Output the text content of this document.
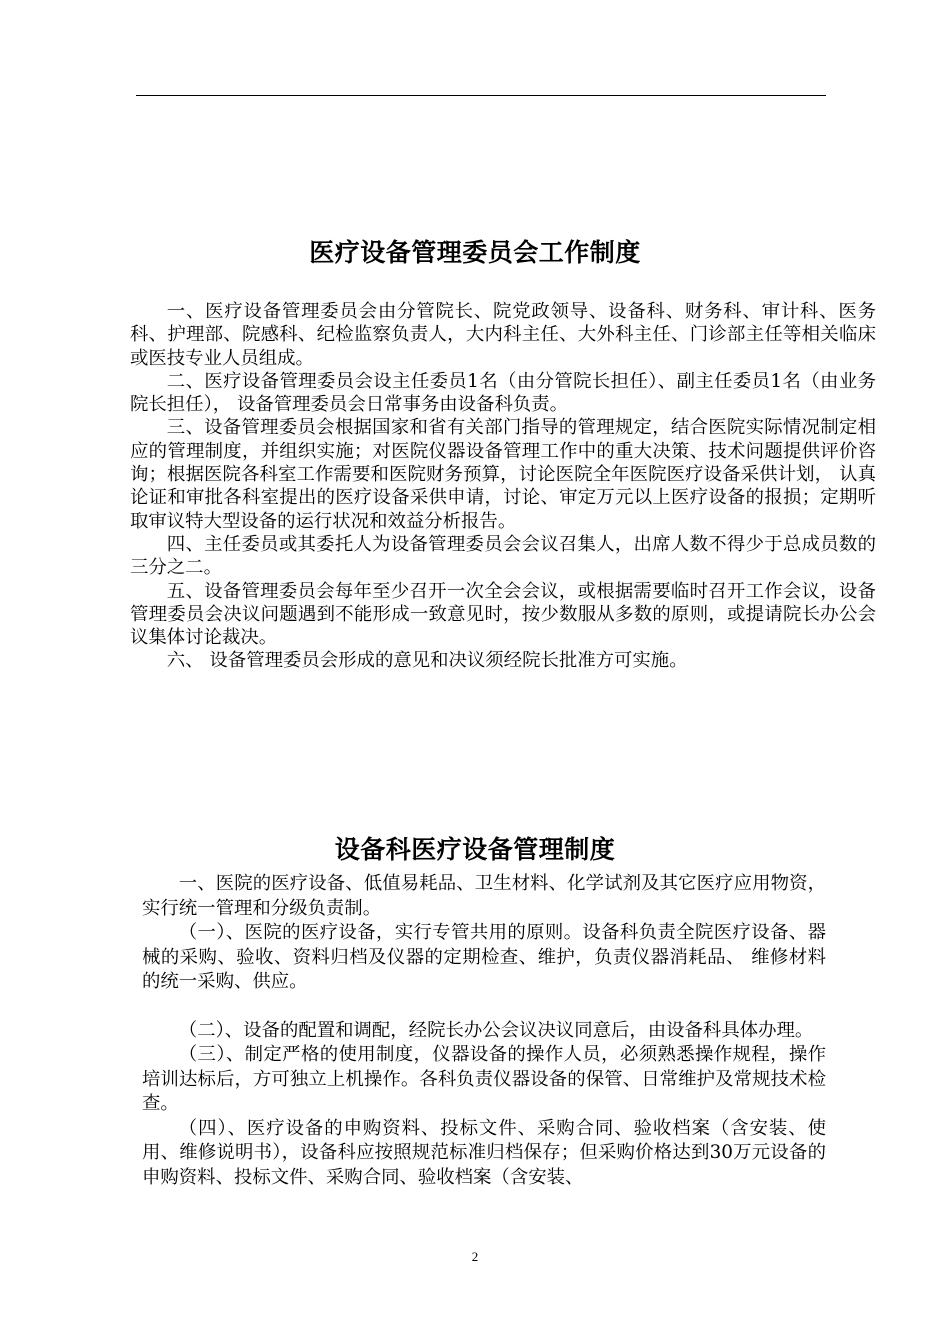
医疗设备管理委员会工作制度

一、医疗设备管理委员会由分管院长、院党政领导、设备科、财务科、审计科、医务科、护理部、院感科、纪检监察负责人，大内科主任、大外科主任、门诊部主任等相关临床或医技专业人员组成。

二、医疗设备管理委员会设主任委员1名（由分管院长担任）、副主任委员1名（由业务院长担任）， 设备管理委员会日常事务由设备科负责。

三、设备管理委员会根据国家和省有关部门指导的管理规定，结合医院实际情况制定相应的管理制度，并组织实施；对医院仪器设备管理工作中的重大决策、技术问题提供评价咨询；根据医院各科室工作需要和医院财务预算，讨论医院全年医院医疗设备采供计划， 认真论证和审批各科室提出的医疗设备采供申请，讨论、审定万元以上医疗设备的报损；定期听取审议特大型设备的运行状况和效益分析报告。

四、主任委员或其委托人为设备管理委员会会议召集人，出席人数不得少于总成员数的三分之二。

五、设备管理委员会每年至少召开一次全会会议，或根据需要临时召开工作会议，设备管理委员会决议问题遇到不能形成一致意见时，按少数服从多数的原则，或提请院长办公会议集体讨论裁决。

六、 设备管理委员会形成的意见和决议须经院长批准方可实施。

设备科医疗设备管理制度

一、医院的医疗设备、低值易耗品、卫生材料、化学试剂及其它医疗应用物资，实行统一管理和分级负责制。

（一）、医院的医疗设备，实行专管共用的原则。设备科负责全院医疗设备、器械的采购、验收、资料归档及仪器的定期检查、维护，负责仪器消耗品、 维修材料的统一采购、供应。

（二）、设备的配置和调配，经院长办公会议决议同意后，由设备科具体办理。

（三）、制定严格的使用制度，仪器设备的操作人员，必须熟悉操作规程，操作培训达标后，方可独立上机操作。各科负责仪器设备的保管、日常维护及常规技术检查。

（四）、医疗设备的申购资料、投标文件、采购合同、验收档案（含安装、使用、维修说明书），设备科应按照规范标准归档保存；但采购价格达到30万元设备的申购资料、投标文件、采购合同、验收档案（含安装、

2
